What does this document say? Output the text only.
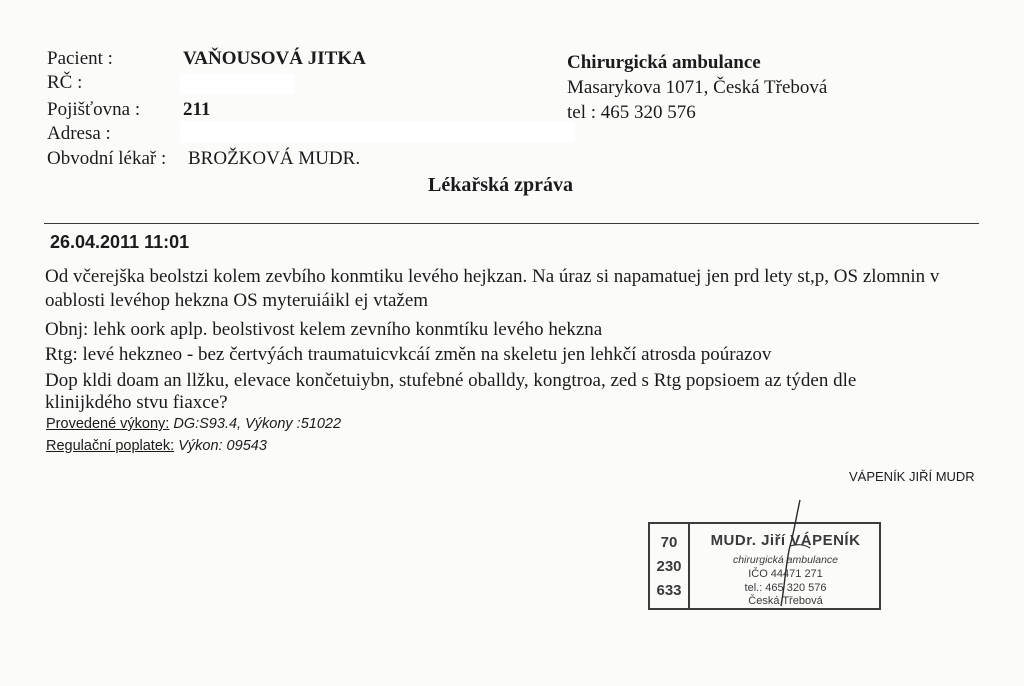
Pacient :	VAŇOUSOVÁ JITKA
RČ :
Pojišťovna : 211
Adresa :
Obvodní lékař : BROŽKOVÁ MUDR.
Chirurgická ambulance
Masarykova 1071, Česká Třebová
tel : 465 320 576
Lékařská zpráva
26.04.2011 11:01
Od včerejška beolstzi kolem zevbího konmtiku levého hejkzan. Na úraz si napamatuej jen prd lety st,p, OS zlomnin v
oablosti levéhop hekzna OS myteruiáikl ej vtažem
Obnj: lehk oork aplp. beolstivost kelem zevního konmtíku levého hekzna
Rtg: levé hekzneo - bez čertvýách traumatuicvkcáí změn na skeletu jen lehkčí atrosda poúrazov
Dop kldi doam an llžku, elevace končetuiybn, stufebné oballdy, kongtroa, zed s Rtg popsioem az týden dle
klinijkdého stvu fiaxce?
Provedené výkony: DG:S93.4, Výkony :51022
Regulační poplatek: Výkon: 09543
VÁPENÍK JIŘÍ MUDR
70
230
633
MUDr. Jiří VÁPENÍK
chirurgická ambulance
IČO 44471 271
tel.: 465 320 576
Česká Třebová
